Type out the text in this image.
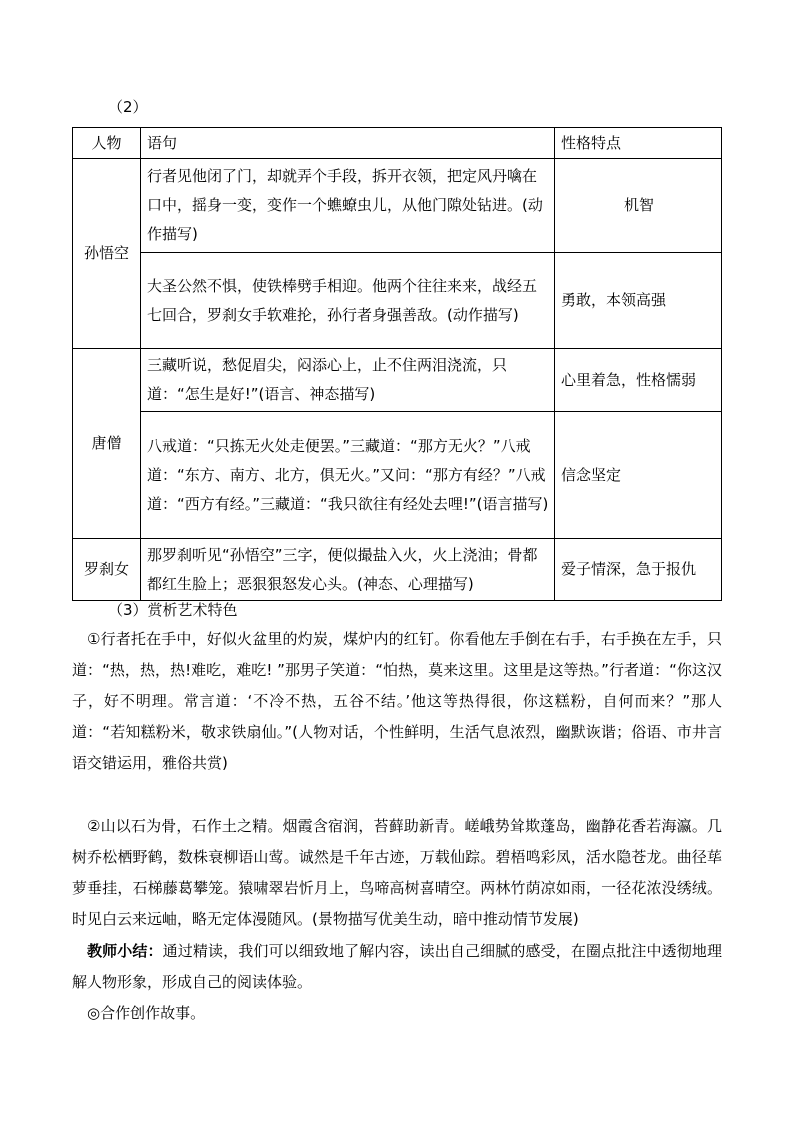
（2）
人物	语句	性格特点
孙悟空	行者见他闭了门，却就弄个手段，拆开衣领，把定风丹噙在口中，摇身一变，变作一个蟭蟟虫儿，从他门隙处钻进。(动作描写)	机智
	大圣公然不惧，使铁棒劈手相迎。他两个往往来来，战经五七回合，罗刹女手软难抡，孙行者身强善敌。(动作描写)	勇敢，本领高强
唐僧	三藏听说，愁促眉尖，闷添心上，止不住两泪浇流，只道：“怎生是好!”(语言、神态描写)	心里着急，性格懦弱
	八戒道：“只拣无火处走便罢。”三藏道：“那方无火？”八戒道：“东方、南方、北方，俱无火。”又问：“那方有经？”八戒道：“西方有经。”三藏道：“我只欲往有经处去哩!”(语言描写)	信念坚定
罗刹女	那罗刹听见“孙悟空”三字，便似撮盐入火，火上浇油；骨都都红生脸上；恶狠狠怒发心头。(神态、心理描写)	爱子情深，急于报仇
（3）赏析艺术特色

①行者托在手中，好似火盆里的灼炭，煤炉内的红钉。你看他左手倒在右手，右手换在左手，只道：“热，热，热!难吃，难吃! ”那男子笑道：“怕热，莫来这里。这里是这等热。”行者道：“你这汉子，好不明理。常言道：‘不冷不热，五谷不结。’他这等热得很，你这糕粉，自何而来？”那人道：“若知糕粉米，敬求铁扇仙。”(人物对话，个性鲜明，生活气息浓烈，幽默诙谐；俗语、市井言语交错运用，雅俗共赏)

②山以石为骨，石作土之精。烟霞含宿润，苔藓助新青。嵯峨势耸欺蓬岛，幽静花香若海瀛。几树乔松栖野鹤，数株衰柳语山莺。诚然是千年古迹，万载仙踪。碧梧鸣彩凤，活水隐苍龙。曲径荜萝垂挂，石梯藤葛攀笼。猿啸翠岩忻月上，鸟啼高树喜晴空。两林竹荫凉如雨，一径花浓没绣绒。时见白云来远岫，略无定体漫随风。(景物描写优美生动，暗中推动情节发展)

教师小结：通过精读，我们可以细致地了解内容，读出自己细腻的感受，在圈点批注中透彻地理解人物形象，形成自己的阅读体验。

◎合作创作故事。
